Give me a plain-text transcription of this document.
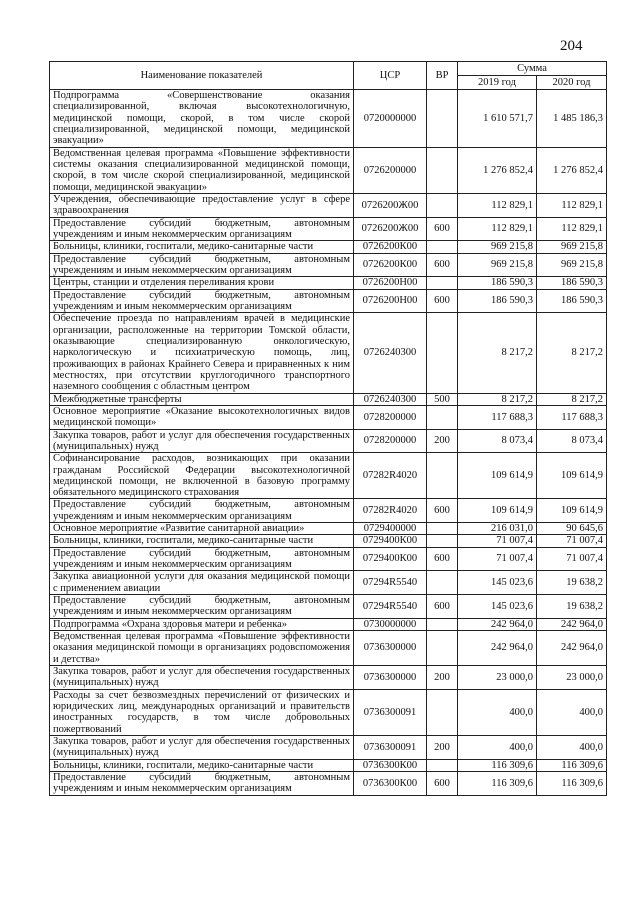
204
Наименование показателей	ЦСР	ВР	Сумма	
			2019 год	2020 год
Подпрограмма «Совершенствование оказания специализированной, включая высокотехнологичную, медицинской помощи, скорой, в том числе скорой специализированной, медицинской помощи, медицинской эвакуации»	0720000000		1 610 571,7	1 485 186,3
Ведомственная целевая программа «Повышение эффективности системы оказания специализированной медицинской помощи, скорой, в том числе скорой специализированной, медицинской помощи, медицинской эвакуации»	0726200000		1 276 852,4	1 276 852,4
Учреждения, обеспечивающие предоставление услуг в сфере здравоохранения	0726200Ж00		112 829,1	112 829,1
Предоставление субсидий бюджетным, автономным учреждениям и иным некоммерческим организациям	0726200Ж00	600	112 829,1	112 829,1
Больницы, клиники, госпитали, медико-санитарные части	0726200К00		969 215,8	969 215,8
Предоставление субсидий бюджетным, автономным учреждениям и иным некоммерческим организациям	0726200К00	600	969 215,8	969 215,8
Центры, станции и отделения переливания крови	0726200Н00		186 590,3	186 590,3
Предоставление субсидий бюджетным, автономным учреждениям и иным некоммерческим организациям	0726200Н00	600	186 590,3	186 590,3
Обеспечение проезда по направлениям врачей в медицинские организации, расположенные на территории Томской области, оказывающие специализированную онкологическую, наркологическую и психиатрическую помощь, лиц, проживающих в районах Крайнего Севера и приравненных к ним местностях, при отсутствии круглогодичного транспортного наземного сообщения с областным центром	0726240300		8 217,2	8 217,2
Межбюджетные трансферты	0726240300	500	8 217,2	8 217,2
Основное мероприятие «Оказание высокотехнологичных видов медицинской помощи»	0728200000		117 688,3	117 688,3
Закупка товаров, работ и услуг для обеспечения государственных (муниципальных) нужд	0728200000	200	8 073,4	8 073,4
Софинансирование расходов, возникающих при оказании гражданам Российской Федерации высокотехнологичной медицинской помощи, не включенной в базовую программу обязательного медицинского страхования	07282R4020		109 614,9	109 614,9
Предоставление субсидий бюджетным, автономным учреждениям и иным некоммерческим организациям	07282R4020	600	109 614,9	109 614,9
Основное мероприятие «Развитие санитарной авиации»	0729400000		216 031,0	90 645,6
Больницы, клиники, госпитали, медико-санитарные части	0729400К00		71 007,4	71 007,4
Предоставление субсидий бюджетным, автономным учреждениям и иным некоммерческим организациям	0729400К00	600	71 007,4	71 007,4
Закупка авиационной услуги для оказания медицинской помощи с применением авиации	07294R5540		145 023,6	19 638,2
Предоставление субсидий бюджетным, автономным учреждениям и иным некоммерческим организациям	07294R5540	600	145 023,6	19 638,2
Подпрограмма «Охрана здоровья матери и ребенка»	0730000000		242 964,0	242 964,0
Ведомственная целевая программа «Повышение эффективности оказания медицинской помощи в организациях родовспоможения и детства»	0736300000		242 964,0	242 964,0
Закупка товаров, работ и услуг для обеспечения государственных (муниципальных) нужд	0736300000	200	23 000,0	23 000,0
Расходы за счет безвозмездных перечислений от физических и юридических лиц, международных организаций и правительств иностранных государств, в том числе добровольных пожертвований	0736300091		400,0	400,0
Закупка товаров, работ и услуг для обеспечения государственных (муниципальных) нужд	0736300091	200	400,0	400,0
Больницы, клиники, госпитали, медико-санитарные части	0736300К00		116 309,6	116 309,6
Предоставление субсидий бюджетным, автономным учреждениям и иным некоммерческим организациям	0736300К00	600	116 309,6	116 309,6
